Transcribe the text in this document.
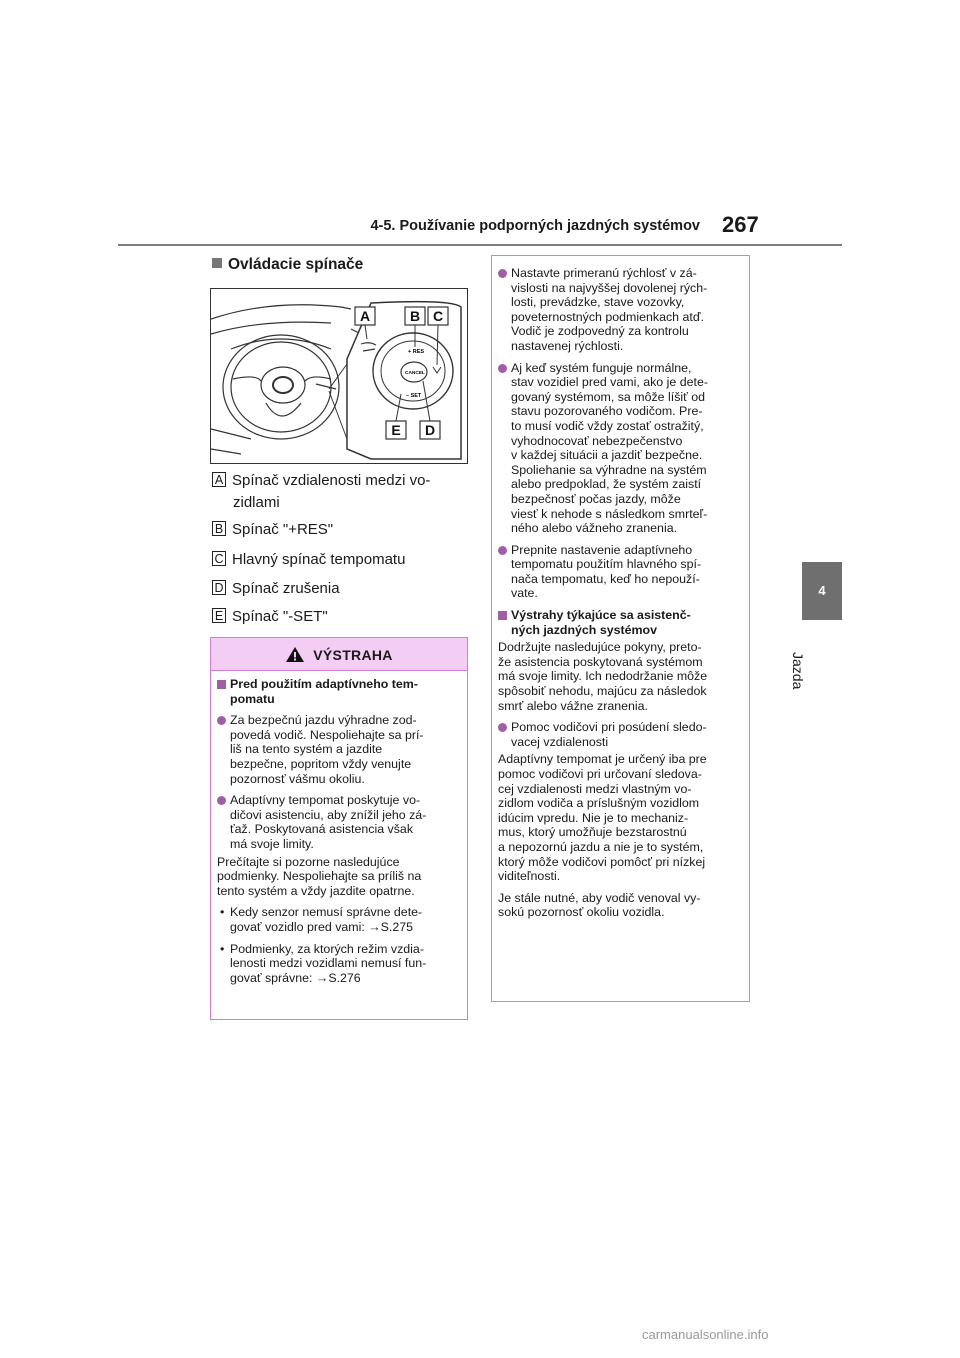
4-5. Používanie podporných jazdných systémov 267
4
Jazda
Ovládacie spínače
+ RES
CANCEL
– SET
A	B C
E D
A Spínač vzdialenosti medzi vo-
zidlami
B Spínač "+RES"
C Hlavný spínač tempomatu
D Spínač zrušenia
E Spínač "-SET"
VÝSTRAHA

Pred použitím adaptívneho tem-
pomatu

Za bezpečnú jazdu výhradne zod-
povedá vodič. Nespoliehajte sa prí-
liš na tento systém a jazdite
bezpečne, popritom vždy venujte
pozornosť vášmu okoliu.

Adaptívny tempomat poskytuje vo-
dičovi asistenciu, aby znížil jeho zá-
ťaž. Poskytovaná asistencia však
má svoje limity.

Prečítajte si pozorne nasledujúce
podmienky. Nespoliehajte sa príliš na
tento systém a vždy jazdite opatrne.

• Kedy senzor nemusí správne dete-
govať vozidlo pred vami: →S.275

• Podmienky, za ktorých režim vzdia-
lenosti medzi vozidlami nemusí fun-
govať správne: →S.276

Nastavte primeranú rýchlosť v zá-
vislosti na najvyššej dovolenej rých-
losti, prevádzke, stave vozovky,
poveternostných podmienkach atď.
Vodič je zodpovedný za kontrolu
nastavenej rýchlosti.

Aj keď systém funguje normálne,
stav vozidiel pred vami, ako je dete-
govaný systémom, sa môže líšiť od
stavu pozorovaného vodičom. Pre-
to musí vodič vždy zostať ostražitý,
vyhodnocovať nebezpečenstvo
v každej situácii a jazdiť bezpečne.
Spoliehanie sa výhradne na systém
alebo predpoklad, že systém zaistí
bezpečnosť počas jazdy, môže
viesť k nehode s následkom smrteľ-
ného alebo vážneho zranenia.

Prepnite nastavenie adaptívneho
tempomatu použitím hlavného spí-
nača tempomatu, keď ho nepouží-
vate.

Výstrahy týkajúce sa asistenč-
ných jazdných systémov

Dodržujte nasledujúce pokyny, preto-
že asistencia poskytovaná systémom
má svoje limity. Ich nedodržanie môže
spôsobiť nehodu, majúcu za následok
smrť alebo vážne zranenia.

Pomoc vodičovi pri posúdení sledo-
vacej vzdialenosti

Adaptívny tempomat je určený iba pre
pomoc vodičovi pri určovaní sledova-
cej vzdialenosti medzi vlastným vo-
zidlom vodiča a príslušným vozidlom
idúcim vpredu. Nie je to mechaniz-
mus, ktorý umožňuje bezstarostnú
a nepozornú jazdu a nie je to systém,
ktorý môže vodičovi pomôcť pri nízkej
viditeľnosti.

Je stále nutné, aby vodič venoval vy-
sokú pozornosť okoliu vozidla.

carmanualsonline.info
